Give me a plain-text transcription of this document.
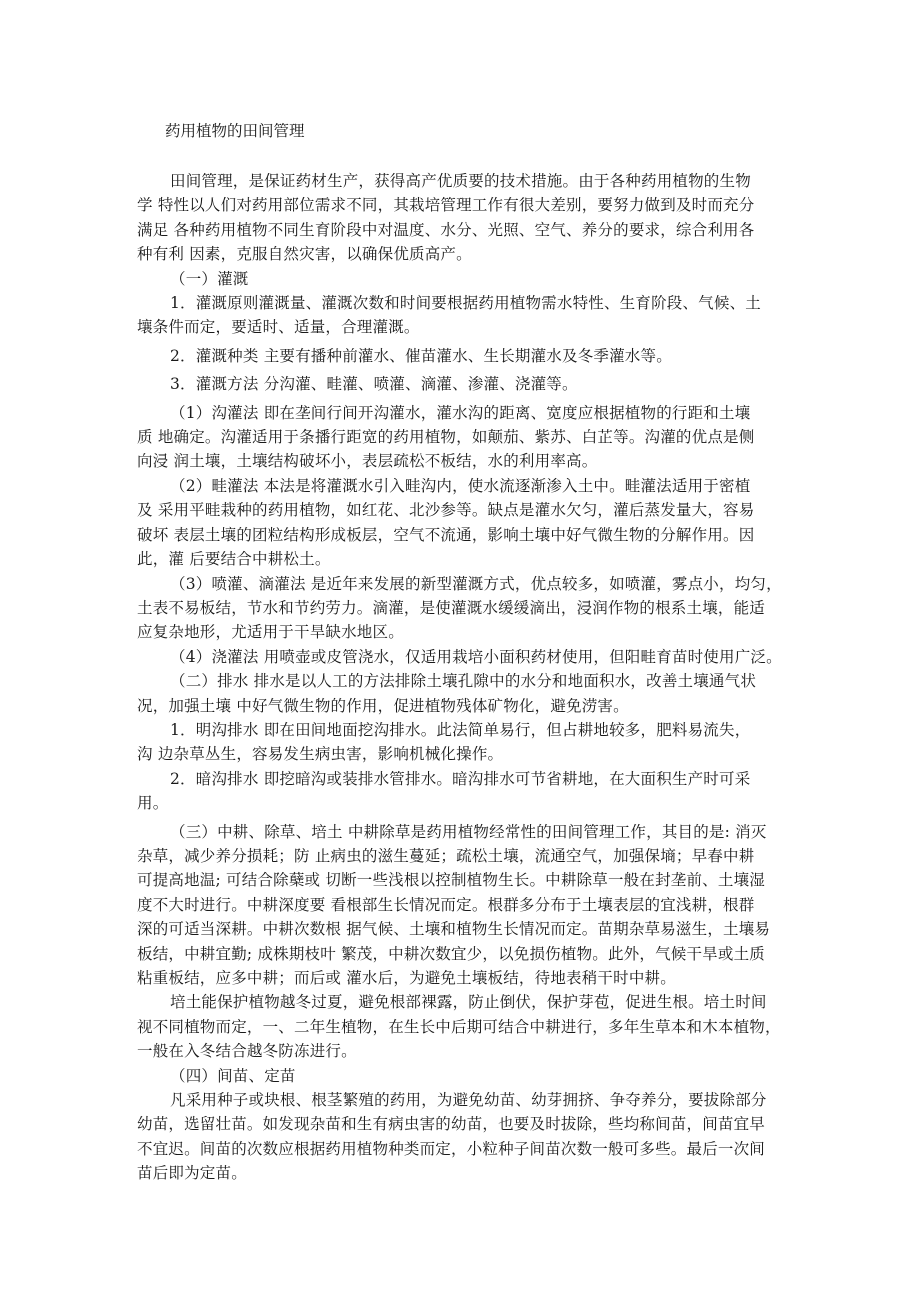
药用植物的田间管理
田间管理，是保证药材生产，获得高产优质要的技术措施。由于各种药用植物的生物
学 特性以人们对药用部位需求不同，其栽培管理工作有很大差别，要努力做到及时而充分
满足 各种药用植物不同生育阶段中对温度、水分、光照、空气、养分的要求，综合利用各
种有利 因素，克服自然灾害，以确保优质高产。
（一）灌溉
1．灌溉原则灌溉量、灌溉次数和时间要根据药用植物需水特性、生育阶段、气候、土
壤条件而定，要适时、适量，合理灌溉。
2．灌溉种类 主要有播种前灌水、催苗灌水、生长期灌水及冬季灌水等。
3．灌溉方法 分沟灌、畦灌、喷灌、滴灌、渗灌、浇灌等。
（1）沟灌法 即在垄间行间开沟灌水，灌水沟的距离、宽度应根据植物的行距和土壤
质 地确定。沟灌适用于条播行距宽的药用植物，如颠茄、紫苏、白芷等。沟灌的优点是侧
向浸 润土壤，土壤结构破坏小，表层疏松不板结，水的利用率高。
（2）畦灌法 本法是将灌溉水引入畦沟内，使水流逐渐渗入土中。畦灌法适用于密植
及 采用平畦栽种的药用植物，如红花、北沙参等。缺点是灌水欠匀，灌后蒸发量大，容易
破坏 表层土壤的团粒结构形成板层，空气不流通，影响土壤中好气微生物的分解作用。因
此，灌 后要结合中耕松土。
（3）喷灌、滴灌法 是近年来发展的新型灌溉方式，优点较多，如喷灌，雾点小，均匀，
土表不易板结，节水和节约劳力。滴灌，是使灌溉水缓缓滴出，浸润作物的根系土壤，能适
应复杂地形，尤适用于干旱缺水地区。
（4）浇灌法 用喷壶或皮管浇水，仅适用栽培小面积药材使用，但阳畦育苗时使用广泛。
（二）排水 排水是以人工的方法排除土壤孔隙中的水分和地面积水，改善土壤通气状
况，加强土壤 中好气微生物的作用，促进植物残体矿物化，避免涝害。
1．明沟排水 即在田间地面挖沟排水。此法简单易行，但占耕地较多，肥料易流失，
沟 边杂草丛生，容易发生病虫害，影响机械化操作。
2．暗沟排水 即挖暗沟或装排水管排水。暗沟排水可节省耕地，在大面积生产时可采
用。
（三）中耕、除草、培土 中耕除草是药用植物经常性的田间管理工作，其目的是: 消灭
杂草，减少养分损耗；防 止病虫的滋生蔓延；疏松土壤，流通空气，加强保墒；早春中耕
可提高地温; 可结合除蘖或 切断一些浅根以控制植物生长。中耕除草一般在封垄前、土壤湿
度不大时进行。中耕深度要 看根部生长情况而定。根群多分布于土壤表层的宜浅耕，根群
深的可适当深耕。中耕次数根 据气候、土壤和植物生长情况而定。苗期杂草易滋生，土壤易
板结，中耕宜勤; 成株期枝叶 繁茂，中耕次数宜少，以免损伤植物。此外，气候干旱或土质
粘重板结，应多中耕；而后或 灌水后，为避免土壤板结，待地表稍干时中耕。
培土能保护植物越冬过夏，避免根部裸露，防止倒伏，保护芽苞，促进生根。培土时间
视不同植物而定，一、二年生植物，在生长中后期可结合中耕进行，多年生草本和木本植物，
一般在入冬结合越冬防冻进行。
（四）间苗、定苗
凡采用种子或块根、根茎繁殖的药用，为避免幼苗、幼芽拥挤、争夺养分，要拔除部分
幼苗，选留壮苗。如发现杂苗和生有病虫害的幼苗，也要及时拔除，些均称间苗，间苗宜早
不宜迟。间苗的次数应根据药用植物种类而定，小粒种子间苗次数一般可多些。最后一次间
苗后即为定苗。
